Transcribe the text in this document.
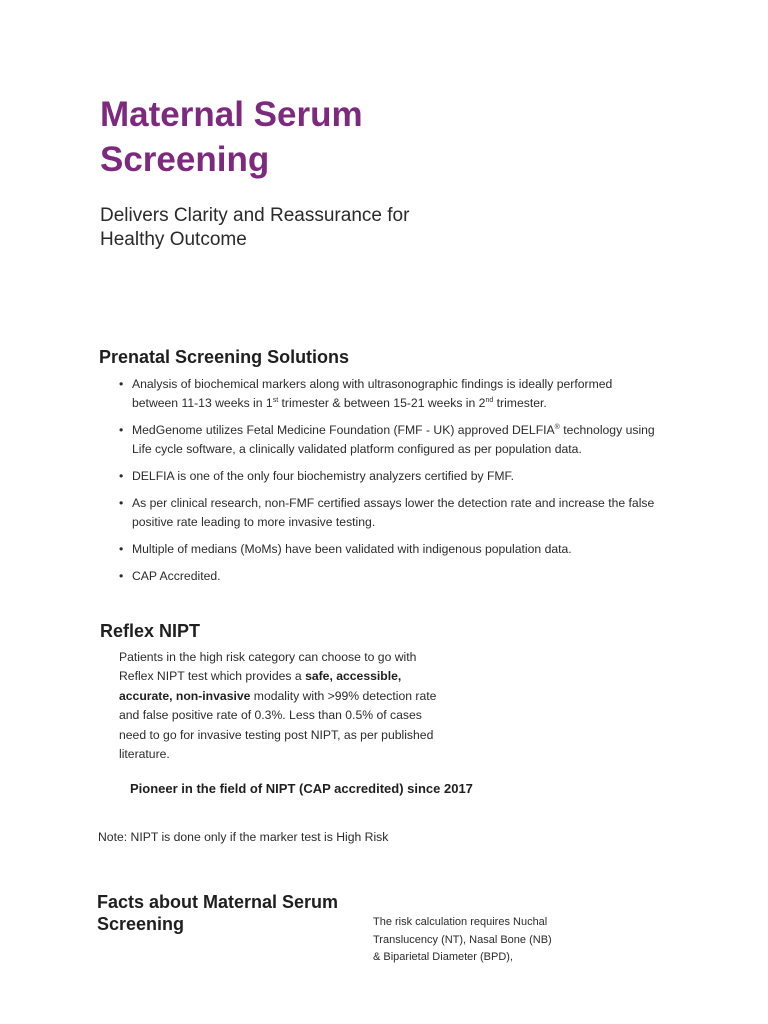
Maternal Serum
Screening

Delivers Clarity and Reassurance for
Healthy Outcome

Prenatal Screening Solutions
• Analysis of biochemical markers along with ultrasonographic findings is ideally performed
between 11-13 weeks in 1st trimester & between 15-21 weeks in 2nd trimester.
• MedGenome utilizes Fetal Medicine Foundation (FMF - UK) approved DELFIA® technology using
Life cycle software, a clinically validated platform configured as per population data.
• DELFIA is one of the only four biochemistry analyzers certified by FMF.
• As per clinical research, non-FMF certified assays lower the detection rate and increase the false
positive rate leading to more invasive testing.
• Multiple of medians (MoMs) have been validated with indigenous population data.
• CAP Accredited.
Reflex NIPT

Patients in the high risk category can choose to go with
Reflex NIPT test which provides a safe, accessible,
accurate, non-invasive modality with >99% detection rate
and false positive rate of 0.3%. Less than 0.5% of cases
need to go for invasive testing post NIPT, as per published
literature.

Pioneer in the field of NIPT (CAP accredited) since 2017

Note: NIPT is done only if the marker test is High Risk

Facts about Maternal Serum
Screening	The risk calculation requires Nuchal
Translucency (NT), Nasal Bone (NB)
& Biparietal Diameter (BPD),
